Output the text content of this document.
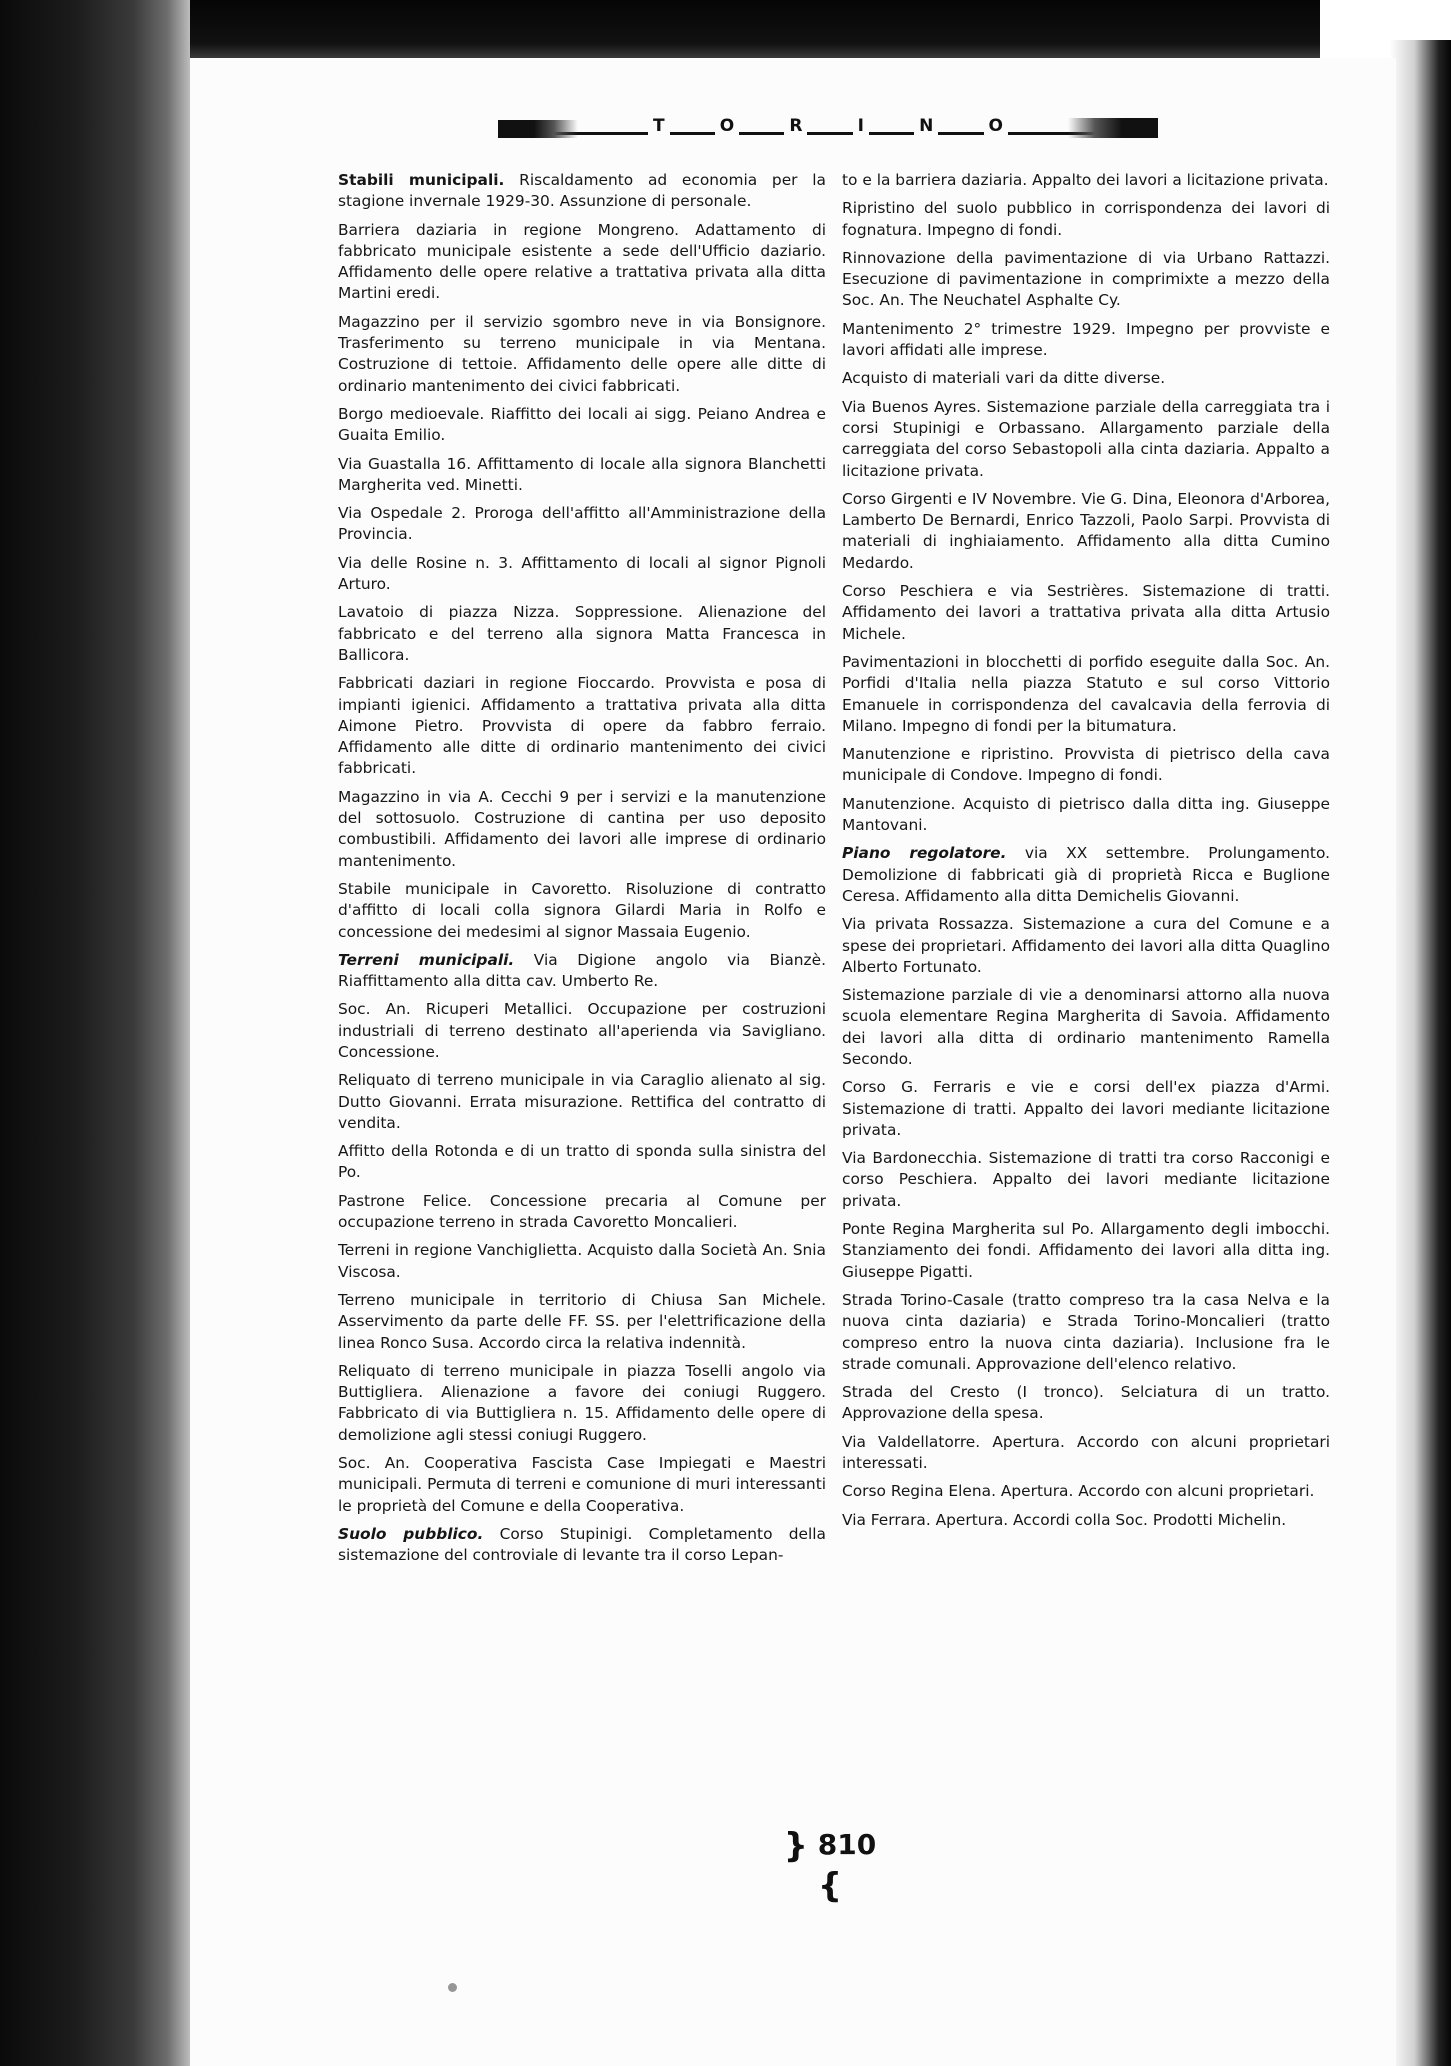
T	O	R	I	N	O

Stabili municipali. Riscaldamento ad economia per la stagione invernale 1929-30. Assunzione di personale.

Barriera daziaria in regione Mongreno. Adattamento di fabbricato municipale esistente a sede dell'Ufficio daziario. Affidamento delle opere relative a trattativa privata alla ditta Martini eredi.

Magazzino per il servizio sgombro neve in via Bonsignore. Trasferimento su terreno municipale in via Mentana. Costruzione di tettoie. Affidamento delle opere alle ditte di ordinario mantenimento dei civici fabbricati.

Borgo medioevale. Riaffitto dei locali ai sigg. Peiano Andrea e Guaita Emilio.

Via Guastalla 16. Affittamento di locale alla signora Blanchetti Margherita ved. Minetti.

Via Ospedale 2. Proroga dell'affitto all'Amministrazione della Provincia.

Via delle Rosine n. 3. Affittamento di locali al signor Pignoli Arturo.

Lavatoio di piazza Nizza. Soppressione. Alienazione del fabbricato e del terreno alla signora Matta Francesca in Ballicora.

Fabbricati daziari in regione Fioccardo. Provvista e posa di impianti igienici. Affidamento a trattativa privata alla ditta Aimone Pietro. Provvista di opere da fabbro ferraio. Affidamento alle ditte di ordinario mantenimento dei civici fabbricati.

Magazzino in via A. Cecchi 9 per i servizi e la manutenzione del sottosuolo. Costruzione di cantina per uso deposito combustibili. Affidamento dei lavori alle imprese di ordinario mantenimento.

Stabile municipale in Cavoretto. Risoluzione di contratto d'affitto di locali colla signora Gilardi Maria in Rolfo e concessione dei medesimi al signor Massaia Eugenio.

Terreni municipali. Via Digione angolo via Bianzè. Riaffittamento alla ditta cav. Umberto Re.

Soc. An. Ricuperi Metallici. Occupazione per costruzioni industriali di terreno destinato all'aperienda via Savigliano. Concessione.

Reliquato di terreno municipale in via Caraglio alienato al sig. Dutto Giovanni. Errata misurazione. Rettifica del contratto di vendita.

Affitto della Rotonda e di un tratto di sponda sulla sinistra del Po.

Pastrone Felice. Concessione precaria al Comune per occupazione terreno in strada Cavoretto Moncalieri.

Terreni in regione Vanchiglietta. Acquisto dalla Società An. Snia Viscosa.

Terreno municipale in territorio di Chiusa San Michele. Asservimento da parte delle FF. SS. per l'elettrificazione della linea Ronco Susa. Accordo circa la relativa indennità.

Reliquato di terreno municipale in piazza Toselli angolo via Buttigliera. Alienazione a favore dei coniugi Ruggero. Fabbricato di via Buttigliera n. 15. Affidamento delle opere di demolizione agli stessi coniugi Ruggero.

Soc. An. Cooperativa Fascista Case Impiegati e Maestri municipali. Permuta di terreni e comunione di muri interessanti le proprietà del Comune e della Cooperativa.

Suolo pubblico. Corso Stupinigi. Completamento della sistemazione del controviale di levante tra il corso Lepan-

to e la barriera daziaria. Appalto dei lavori a licitazione privata.

Ripristino del suolo pubblico in corrispondenza dei lavori di fognatura. Impegno di fondi.

Rinnovazione della pavimentazione di via Urbano Rattazzi. Esecuzione di pavimentazione in comprimixte a mezzo della Soc. An. The Neuchatel Asphalte Cy.

Mantenimento 2° trimestre 1929. Impegno per provviste e lavori affidati alle imprese.

Acquisto di materiali vari da ditte diverse.

Via Buenos Ayres. Sistemazione parziale della carreggiata tra i corsi Stupinigi e Orbassano. Allargamento parziale della carreggiata del corso Sebastopoli alla cinta daziaria. Appalto a licitazione privata.

Corso Girgenti e IV Novembre. Vie G. Dina, Eleonora d'Arborea, Lamberto De Bernardi, Enrico Tazzoli, Paolo Sarpi. Provvista di materiali di inghiaiamento. Affidamento alla ditta Cumino Medardo.

Corso Peschiera e via Sestrières. Sistemazione di tratti. Affidamento dei lavori a trattativa privata alla ditta Artusio Michele.

Pavimentazioni in blocchetti di porfido eseguite dalla Soc. An. Porfidi d'Italia nella piazza Statuto e sul corso Vittorio Emanuele in corrispondenza del cavalcavia della ferrovia di Milano. Impegno di fondi per la bitumatura.

Manutenzione e ripristino. Provvista di pietrisco della cava municipale di Condove. Impegno di fondi.

Manutenzione. Acquisto di pietrisco dalla ditta ing. Giuseppe Mantovani.

Piano regolatore. via XX settembre. Prolungamento. Demolizione di fabbricati già di proprietà Ricca e Buglione Ceresa. Affidamento alla ditta Demichelis Giovanni.

Via privata Rossazza. Sistemazione a cura del Comune e a spese dei proprietari. Affidamento dei lavori alla ditta Quaglino Alberto Fortunato.

Sistemazione parziale di vie a denominarsi attorno alla nuova scuola elementare Regina Margherita di Savoia. Affidamento dei lavori alla ditta di ordinario mantenimento Ramella Secondo.

Corso G. Ferraris e vie e corsi dell'ex piazza d'Armi. Sistemazione di tratti. Appalto dei lavori mediante licitazione privata.

Via Bardonecchia. Sistemazione di tratti tra corso Racconigi e corso Peschiera. Appalto dei lavori mediante licitazione privata.

Ponte Regina Margherita sul Po. Allargamento degli imbocchi. Stanziamento dei fondi. Affidamento dei lavori alla ditta ing. Giuseppe Pigatti.

Strada Torino-Casale (tratto compreso tra la casa Nelva e la nuova cinta daziaria) e Strada Torino-Moncalieri (tratto compreso entro la nuova cinta daziaria). Inclusione fra le strade comunali. Approvazione dell'elenco relativo.

Strada del Cresto (I tronco). Selciatura di un tratto. Approvazione della spesa.

Via Valdellatorre. Apertura. Accordo con alcuni proprietari interessati.

Corso Regina Elena. Apertura. Accordo con alcuni proprietari.

Via Ferrara. Apertura. Accordi colla Soc. Prodotti Michelin.

} 810 {
